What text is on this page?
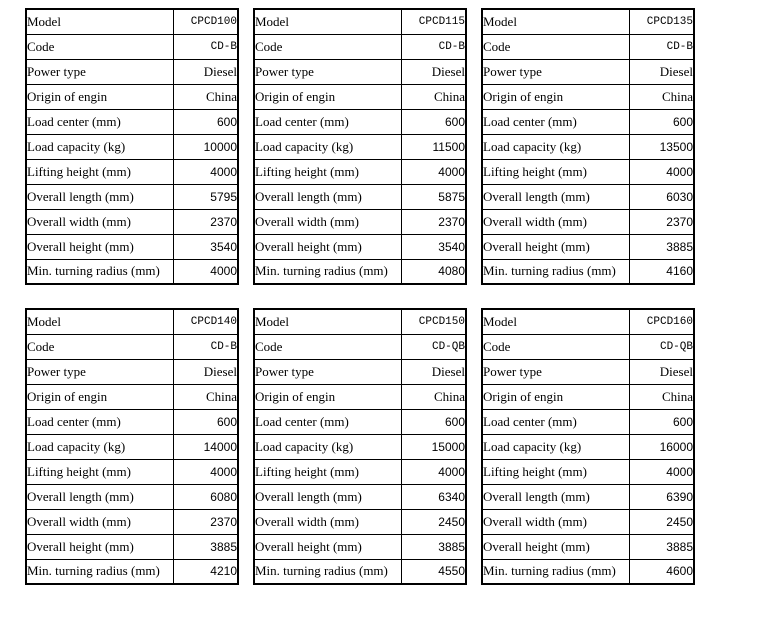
Model	CPCD100
Code	CD-B
Power type	Diesel
Origin of engin	China
Load center (mm)	600
Load capacity (kg)	10000
Lifting height (mm)	4000
Overall length (mm)	5795
Overall width (mm)	2370
Overall height (mm)	3540
Min. turning radius (mm)	4000
Model	CPCD115
Code	CD-B
Power type	Diesel
Origin of engin	China
Load center (mm)	600
Load capacity (kg)	11500
Lifting height (mm)	4000
Overall length (mm)	5875
Overall width (mm)	2370
Overall height (mm)	3540
Min. turning radius (mm)	4080
Model	CPCD135
Code	CD-B
Power type	Diesel
Origin of engin	China
Load center (mm)	600
Load capacity (kg)	13500
Lifting height (mm)	4000
Overall length (mm)	6030
Overall width (mm)	2370
Overall height (mm)	3885
Min. turning radius (mm)	4160
Model	CPCD140
Code	CD-B
Power type	Diesel
Origin of engin	China
Load center (mm)	600
Load capacity (kg)	14000
Lifting height (mm)	4000
Overall length (mm)	6080
Overall width (mm)	2370
Overall height (mm)	3885
Min. turning radius (mm)	4210
Model	CPCD150
Code	CD-QB
Power type	Diesel
Origin of engin	China
Load center (mm)	600
Load capacity (kg)	15000
Lifting height (mm)	4000
Overall length (mm)	6340
Overall width (mm)	2450
Overall height (mm)	3885
Min. turning radius (mm)	4550
Model	CPCD160
Code	CD-QB
Power type	Diesel
Origin of engin	China
Load center (mm)	600
Load capacity (kg)	16000
Lifting height (mm)	4000
Overall length (mm)	6390
Overall width (mm)	2450
Overall height (mm)	3885
Min. turning radius (mm)	4600
